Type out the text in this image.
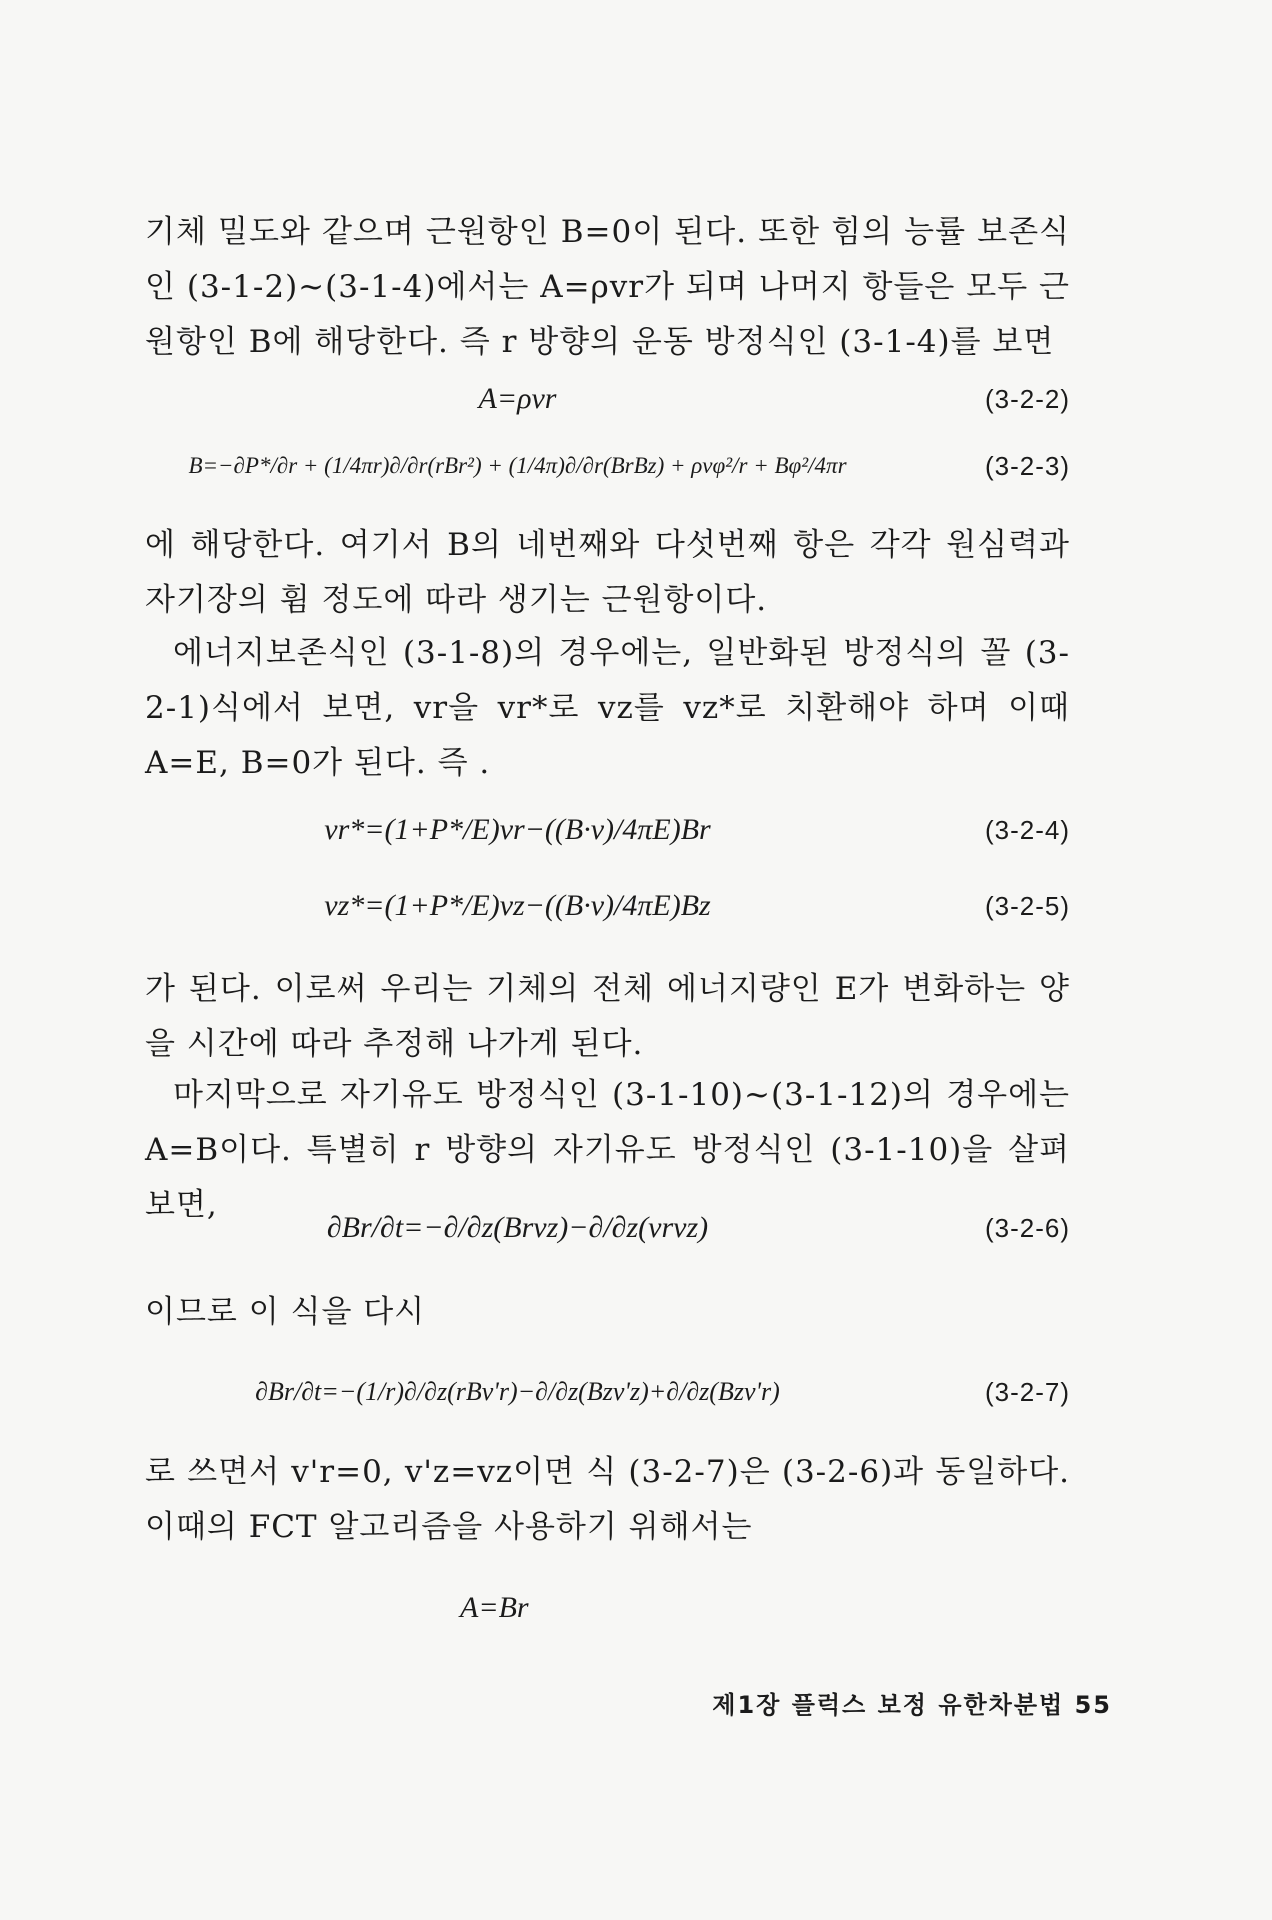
기체 밀도와 같으며 근원항인 B=0이 된다. 또한 힘의 능률 보존식인 (3-1-2)~(3-1-4)에서는 A=ρvr가 되며 나머지 항들은 모두 근원항인 B에 해당한다. 즉 r 방향의 운동 방정식인 (3-1-4)를 보면

A=ρvr	(3-2-2)
B=−∂P*/∂r + (1/4πr)∂/∂r(rBr²) + (1/4π)∂/∂r(BrBz) + ρvφ²/r + Bφ²/4πr	(3-2-3)

에 해당한다. 여기서 B의 네번째와 다섯번째 항은 각각 원심력과 자기장의 휨 정도에 따라 생기는 근원항이다.

에너지보존식인 (3-1-8)의 경우에는, 일반화된 방정식의 꼴 (3-2-1)식에서 보면, vr을 vr*로 vz를 vz*로 치환해야 하며 이때 A=E, B=0가 된다. 즉 .

vr*=(1+P*/E)vr−((B·v)/4πE)Br	(3-2-4)
vz*=(1+P*/E)vz−((B·v)/4πE)Bz	(3-2-5)

가 된다. 이로써 우리는 기체의 전체 에너지량인 E가 변화하는 양을 시간에 따라 추정해 나가게 된다.

마지막으로 자기유도 방정식인 (3-1-10)~(3-1-12)의 경우에는 A=B이다. 특별히 r 방향의 자기유도 방정식인 (3-1-10)을 살펴보면,

∂Br/∂t=−∂/∂z(Brvz)−∂/∂z(vrvz)	(3-2-6)

이므로 이 식을 다시

∂Br/∂t=−(1/r)∂/∂z(rBv'r)−∂/∂z(Bzv'z)+∂/∂z(Bzv'r)	(3-2-7)

로 쓰면서 v'r=0, v'z=vz이면 식 (3-2-7)은 (3-2-6)과 동일하다. 이때의 FCT 알고리즘을 사용하기 위해서는

A=Br
제1장 플럭스 보정 유한차분법 55
